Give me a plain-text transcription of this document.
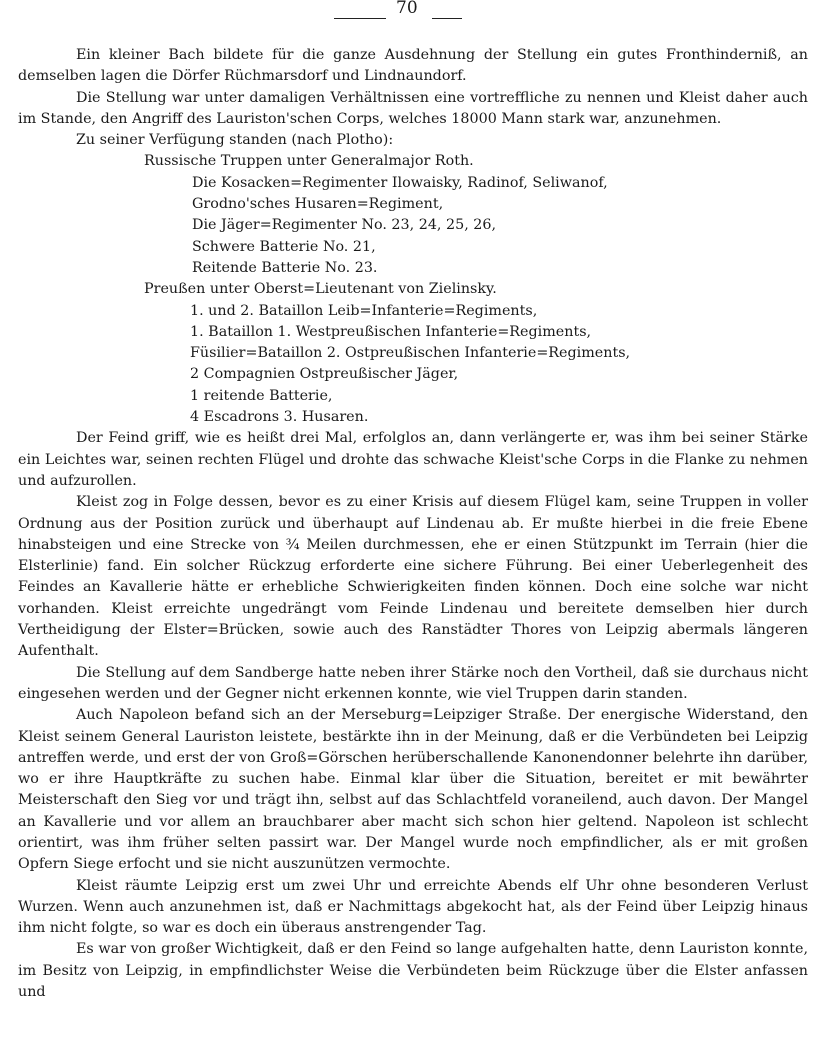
70

Ein kleiner Bach bildete für die ganze Ausdehnung der Stellung ein gutes Fronthinderniß, an demselben lagen die Dörfer Rüchmarsdorf und Lindnaundorf.

Die Stellung war unter damaligen Verhältnissen eine vortreffliche zu nennen und Kleist daher auch im Stande, den Angriff des Lauriston'schen Corps, welches 18000 Mann stark war, anzunehmen.

Zu seiner Verfügung standen (nach Plotho):

Russische Truppen unter Generalmajor Roth.

Die Kosacken=Regimenter Ilowaisky, Radinof, Seliwanof,

Grodno'sches Husaren=Regiment,

Die Jäger=Regimenter No. 23, 24, 25, 26,

Schwere Batterie No. 21,

Reitende Batterie No. 23.

Preußen unter Oberst=Lieutenant von Zielinsky.

1. und 2. Bataillon Leib=Infanterie=Regiments,

1. Bataillon 1. Westpreußischen Infanterie=Regiments,

Füsilier=Bataillon 2. Ostpreußischen Infanterie=Regiments,

2 Compagnien Ostpreußischer Jäger,

1 reitende Batterie,

4 Escadrons 3. Husaren.

Der Feind griff, wie es heißt drei Mal, erfolglos an, dann verlängerte er, was ihm bei seiner Stärke ein Leichtes war, seinen rechten Flügel und drohte das schwache Kleist'sche Corps in die Flanke zu nehmen und aufzurollen.

Kleist zog in Folge dessen, bevor es zu einer Krisis auf diesem Flügel kam, seine Truppen in voller Ordnung aus der Position zurück und überhaupt auf Lindenau ab. Er mußte hierbei in die freie Ebene hinabsteigen und eine Strecke von ¾ Meilen durchmessen, ehe er einen Stützpunkt im Terrain (hier die Elsterlinie) fand. Ein solcher Rückzug erforderte eine sichere Führung. Bei einer Ueberlegenheit des Feindes an Kavallerie hätte er erhebliche Schwierigkeiten finden können. Doch eine solche war nicht vorhanden. Kleist erreichte ungedrängt vom Feinde Lindenau und bereitete demselben hier durch Vertheidigung der Elster=Brücken, sowie auch des Ranstädter Thores von Leipzig abermals längeren Aufenthalt.

Die Stellung auf dem Sandberge hatte neben ihrer Stärke noch den Vortheil, daß sie durchaus nicht eingesehen werden und der Gegner nicht erkennen konnte, wie viel Truppen darin standen.

Auch Napoleon befand sich an der Merseburg=Leipziger Straße. Der energische Widerstand, den Kleist seinem General Lauriston leistete, bestärkte ihn in der Meinung, daß er die Verbündeten bei Leipzig antreffen werde, und erst der von Groß=Görschen herüberschallende Kanonendonner belehrte ihn darüber, wo er ihre Hauptkräfte zu suchen habe. Einmal klar über die Situation, bereitet er mit bewährter Meisterschaft den Sieg vor und trägt ihn, selbst auf das Schlachtfeld voraneilend, auch davon. Der Mangel an Kavallerie und vor allem an brauchbarer aber macht sich schon hier geltend. Napoleon ist schlecht orientirt, was ihm früher selten passirt war. Der Mangel wurde noch empfindlicher, als er mit großen Opfern Siege erfocht und sie nicht auszunützen vermochte.

Kleist räumte Leipzig erst um zwei Uhr und erreichte Abends elf Uhr ohne besonderen Verlust Wurzen. Wenn auch anzunehmen ist, daß er Nachmittags abgekocht hat, als der Feind über Leipzig hinaus ihm nicht folgte, so war es doch ein überaus anstrengender Tag.

Es war von großer Wichtigkeit, daß er den Feind so lange aufgehalten hatte, denn Lauriston konnte, im Besitz von Leipzig, in empfindlichster Weise die Verbündeten beim Rückzuge über die Elster anfassen und
